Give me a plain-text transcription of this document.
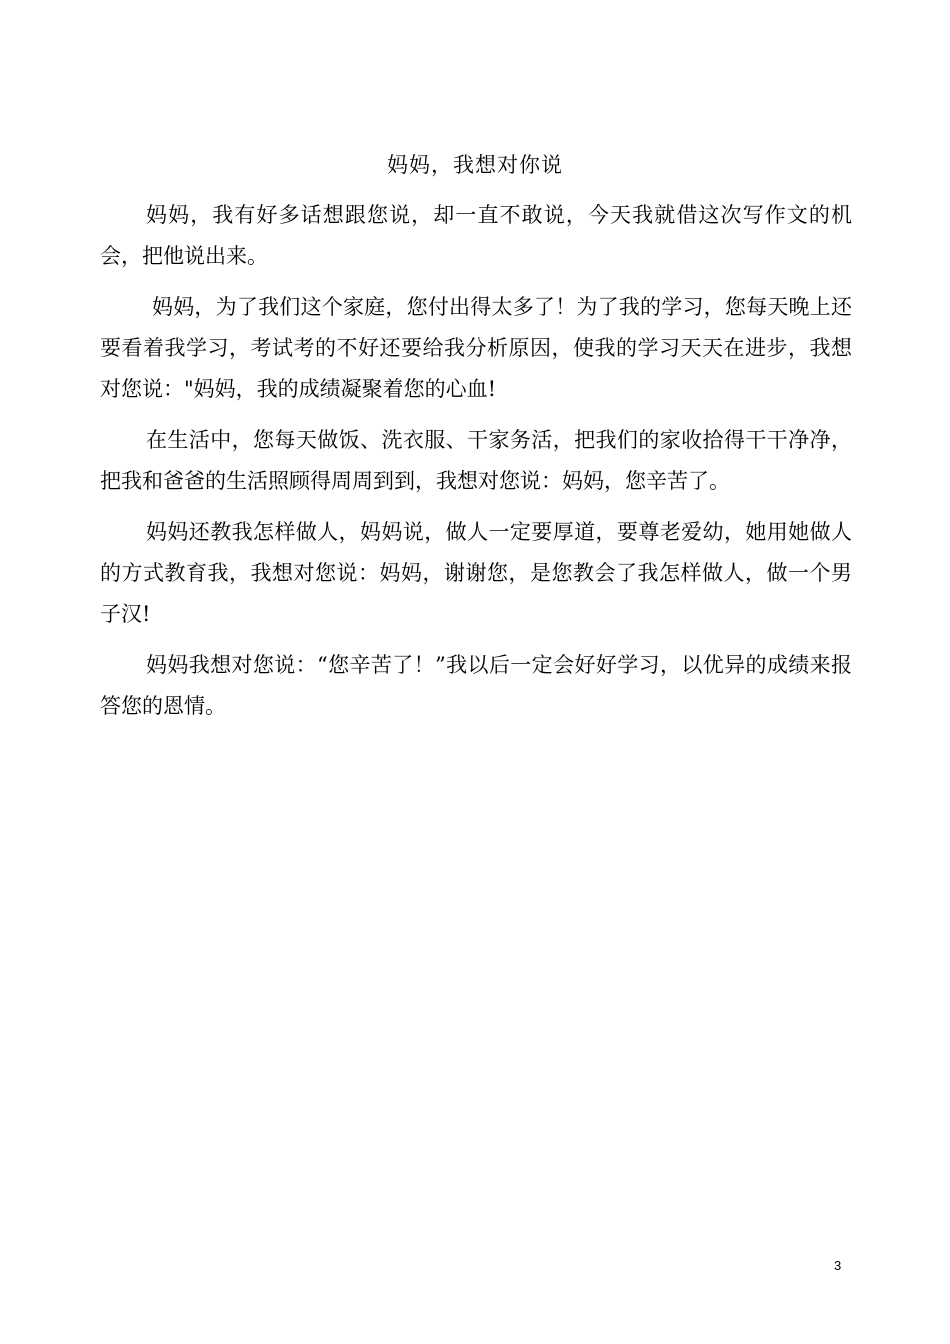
妈妈，我想对你说

妈妈，我有好多话想跟您说，却一直不敢说，今天我就借这次写作文的机会，把他说出来。

妈妈，为了我们这个家庭，您付出得太多了！为了我的学习，您每天晚上还要看着我学习，考试考的不好还要给我分析原因，使我的学习天天在进步，我想对您说："妈妈，我的成绩凝聚着您的心血!

在生活中，您每天做饭、洗衣服、干家务活，把我们的家收拾得干干净净，把我和爸爸的生活照顾得周周到到，我想对您说：妈妈，您辛苦了。

妈妈还教我怎样做人，妈妈说，做人一定要厚道，要尊老爱幼，她用她做人的方式教育我，我想对您说：妈妈，谢谢您，是您教会了我怎样做人，做一个男子汉!

妈妈我想对您说：“您辛苦了！”我以后一定会好好学习，以优异的成绩来报答您的恩情。

3
